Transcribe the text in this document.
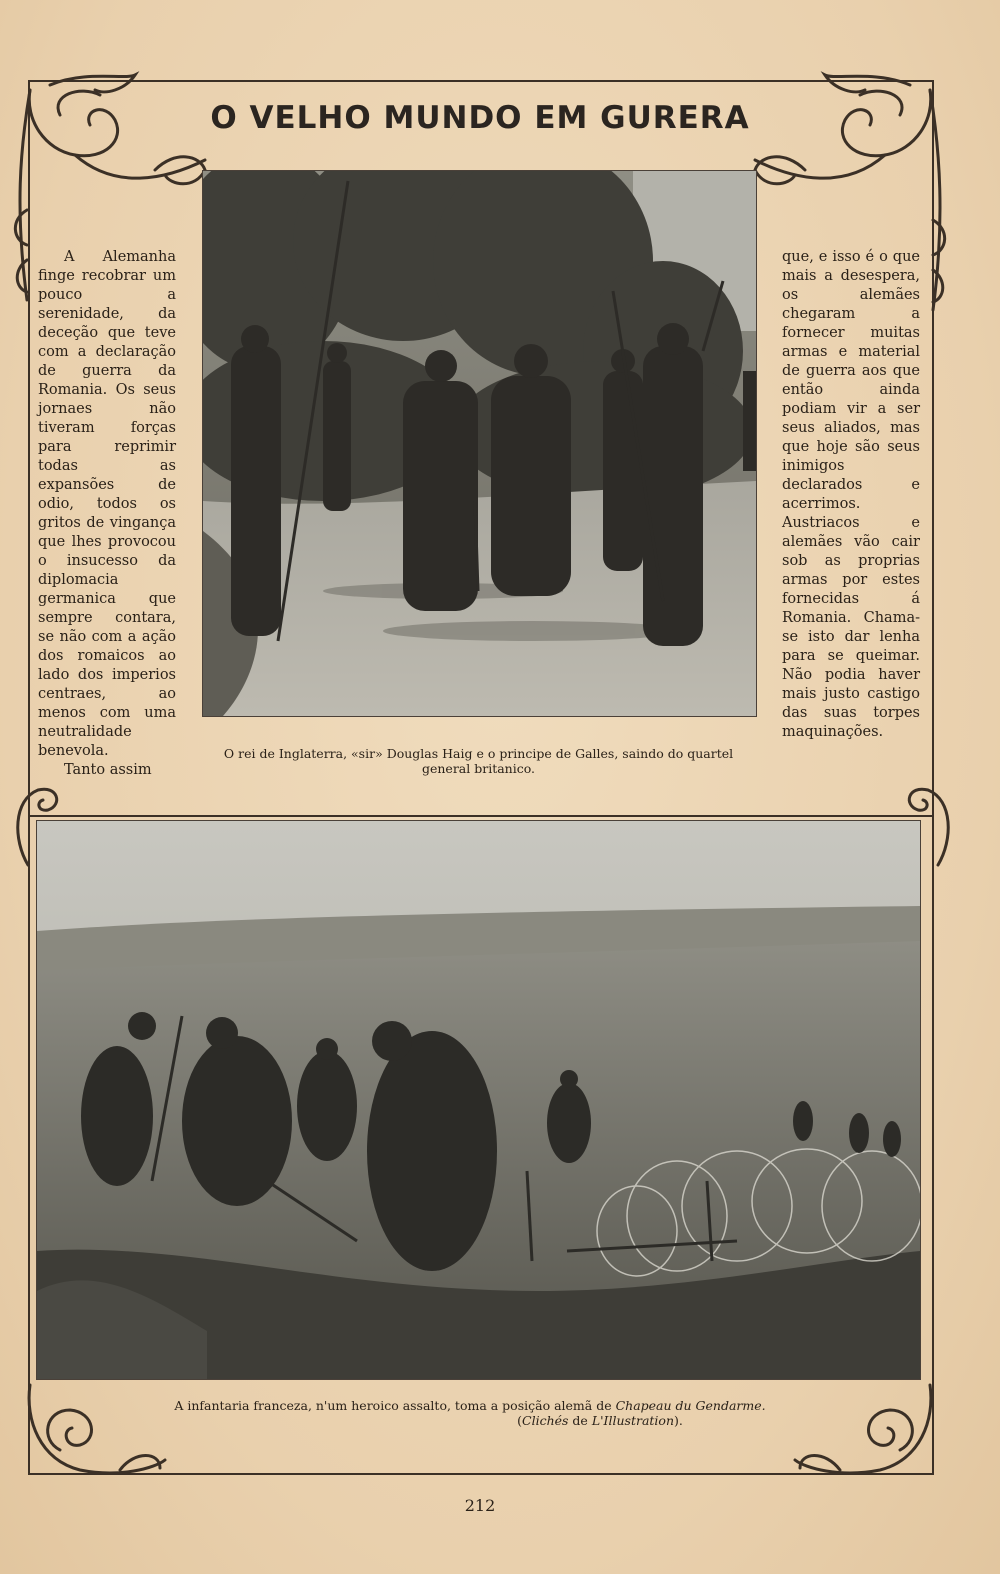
O VELHO MUNDO EM GURERA

A Alemanha finge recobrar um pouco a serenidade, da deceção que teve com a declaração de guerra da Romania. Os seus jornaes não tiveram forças para reprimir todas as expansões de odio, todos os gritos de vingança que lhes provocou o insucesso da diplomacia germanica que sempre contara, se não com a ação dos romaicos ao lado dos imperios centraes, ao menos com uma neutralidade benevola.

Tanto assim

que, e isso é o que mais a desespera, os alemães chegaram a fornecer muitas armas e material de guerra aos que então ainda podiam vir a ser seus aliados, mas que hoje são seus inimigos declarados e acerrimos. Austriacos e alemães vão cair sob as proprias armas por estes fornecidas á Romania. Chama-se isto dar lenha para se queimar. Não podia haver mais justo castigo das suas torpes maquinações.

O rei de Inglaterra, «sir» Douglas Haig e o principe de Galles, saindo do quartel general britanico.
A infantaria franceza, n'um heroico assalto, toma a posição alemã de Chapeau du Gendarme.
(Clichés de L'Illustration).
212
